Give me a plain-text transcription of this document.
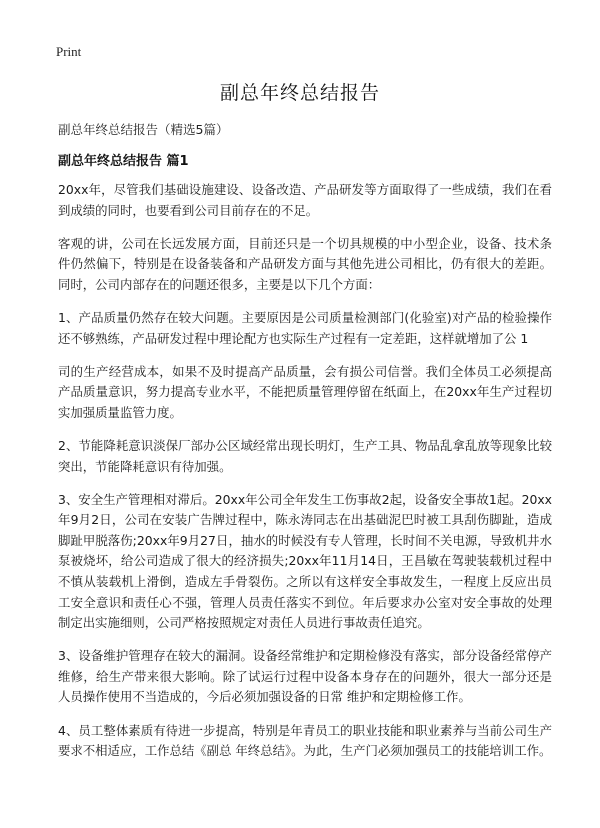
Print
副总年终总结报告
副总年终总结报告（精选5篇）
副总年终总结报告 篇1

20xx年，尽管我们基础设施建设、设备改造、产品研发等方面取得了一些成绩，我们在看到成绩的同时，也要看到公司目前存在的不足。

客观的讲，公司在长远发展方面，目前还只是一个切具规模的中小型企业，设备、技术条件仍然偏下，特别是在设备装备和产品研发方面与其他先进公司相比，仍有很大的差距。同时，公司内部存在的问题还很多，主要是以下几个方面：

1、产品质量仍然存在较大问题。主要原因是公司质量检测部门(化验室)对产品的检验操作还不够熟练，产品研发过程中理论配方也实际生产过程有一定差距，这样就增加了公 1

司的生产经营成本，如果不及时提高产品质量，会有损公司信誉。我们全体员工必须提高产品质量意识，努力提高专业水平，不能把质量管理停留在纸面上，在20xx年生产过程切实加强质量监管力度。

2、节能降耗意识淡保厂部办公区域经常出现长明灯，生产工具、物品乱拿乱放等现象比较突出，节能降耗意识有待加强。

3、安全生产管理相对滞后。20xx年公司全年发生工伤事故2起，设备安全事故1起。20xx年9月2日，公司在安装广告牌过程中，陈永涛同志在出基础泥巴时被工具刮伤脚趾，造成脚趾甲脱落伤;20xx年9月27日，抽水的时候没有专人管理，长时间不关电源，导致机井水泵被烧坏，给公司造成了很大的经济损失;20xx年11月14日，王昌敏在驾驶装载机过程中不慎从装载机上滑倒，造成左手骨裂伤。之所以有这样安全事故发生，一程度上反应出员工安全意识和责任心不强，管理人员责任落实不到位。年后要求办公室对安全事故的处理制定出实施细则，公司严格按照规定对责任人员进行事故责任追究。

3、设备维护管理存在较大的漏洞。设备经常维护和定期检修没有落实，部分设备经常停产维修，给生产带来很大影响。除了试运行过程中设备本身存在的问题外，很大一部分还是人员操作使用不当造成的，今后必须加强设备的日常 维护和定期检修工作。

4、员工整体素质有待进一步提高，特别是年青员工的职业技能和职业素养与当前公司生产要求不相适应，工作总结《副总 年终总结》。为此，生产门必须加强员工的技能培训工作。
